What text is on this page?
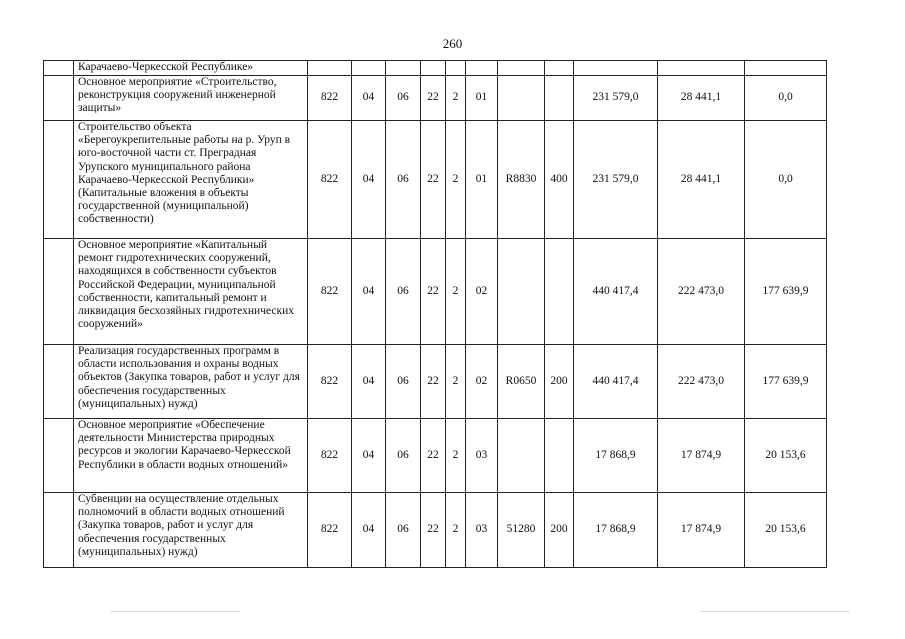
260
	Карачаево-Черкесской Республике»											
	Основное мероприятие «Строительство, реконструкция сооружений инженерной защиты»	822	04	06	22	2	01			231 579,0	28 441,1	0,0
	Строительство объекта «Берегоукрепительные работы на р. Уруп в юго-восточной части ст. Преградная Урупского муниципального района Карачаево-Черкесской Республики» (Капитальные вложения в объекты государственной (муниципальной) собственности)	822	04	06	22	2	01	R8830	400	231 579,0	28 441,1	0,0
	Основное мероприятие «Капитальный ремонт гидротехнических сооружений, находящихся в собственности субъектов Российской Федерации, муниципальной собственности, капитальный ремонт и ликвидация бесхозяйных гидротехнических сооружений»	822	04	06	22	2	02			440 417,4	222 473,0	177 639,9
	Реализация государственных программ в области использования и охраны водных объектов (Закупка товаров, работ и услуг для обеспечения государственных (муниципальных) нужд)	822	04	06	22	2	02	R0650	200	440 417,4	222 473,0	177 639,9
	Основное мероприятие «Обеспечение деятельности Министерства природных ресурсов и экологии Карачаево-Черкесской Республики в области водных отношений»	822	04	06	22	2	03			17 868,9	17 874,9	20 153,6
	Субвенции на осуществление отдельных полномочий в области водных отношений (Закупка товаров, работ и услуг для обеспечения государственных (муниципальных) нужд)	822	04	06	22	2	03	51280	200	17 868,9	17 874,9	20 153,6
